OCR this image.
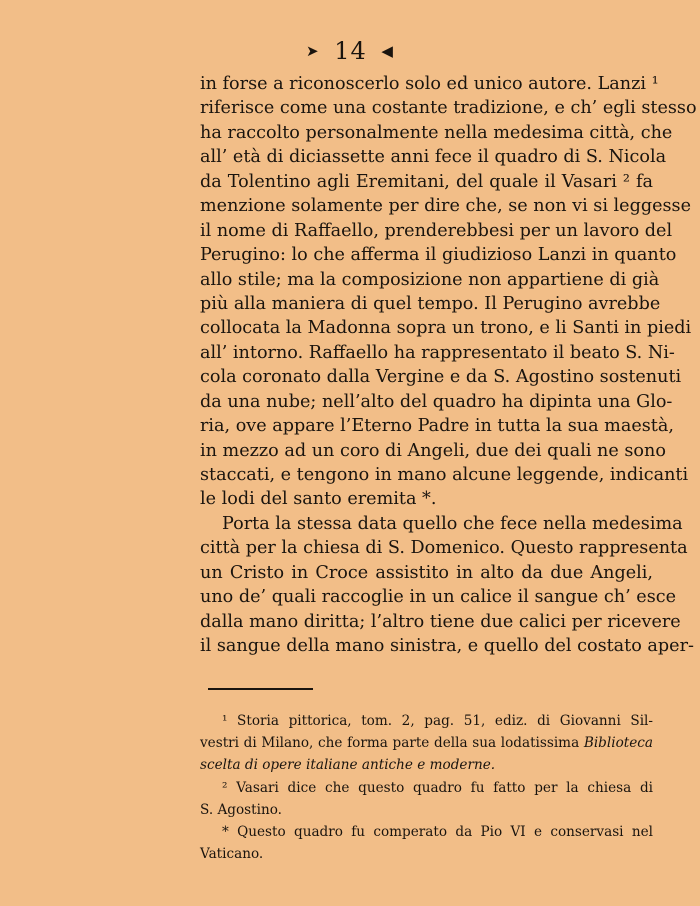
➤ 14 ◀
in forse a riconoscerlo solo ed unico autore. Lanzi ¹
riferisce come una costante tradizione, e ch’ egli stesso
ha raccolto personalmente nella medesima città, che
all’ età di diciassette anni fece il quadro di S. Nicola
da Tolentino agli Eremitani, del quale il Vasari ² fa
menzione solamente per dire che, se non vi si leggesse
il nome di Raffaello, prenderebbesi per un lavoro del
Perugino: lo che afferma il giudizioso Lanzi in quanto
allo stile; ma la composizione non appartiene di già
più alla maniera di quel tempo. Il Perugino avrebbe
collocata la Madonna sopra un trono, e li Santi in piedi
all’ intorno. Raffaello ha rappresentato il beato S. Ni-
cola coronato dalla Vergine e da S. Agostino sostenuti
da una nube; nell’alto del quadro ha dipinta una Glo-
ria, ove appare l’Eterno Padre in tutta la sua maestà,
in mezzo ad un coro di Angeli, due dei quali ne sono
staccati, e tengono in mano alcune leggende, indicanti
le lodi del santo eremita *.
Porta la stessa data quello che fece nella medesima
città per la chiesa di S. Domenico. Questo rappresenta
un Cristo in Croce assistito in alto da due Angeli,
uno de’ quali raccoglie in un calice il sangue ch’ esce
dalla mano diritta; l’altro tiene due calici per ricevere
il sangue della mano sinistra, e quello del costato aper-
¹ Storia pittorica, tom. 2, pag. 51, ediz. di Giovanni Sil-
vestri di Milano, che forma parte della sua lodatissima Biblioteca
scelta di opere italiane antiche e moderne.
² Vasari dice che questo quadro fu fatto per la chiesa di
S. Agostino.
* Questo quadro fu comperato da Pio VI e conservasi nel
Vaticano.
